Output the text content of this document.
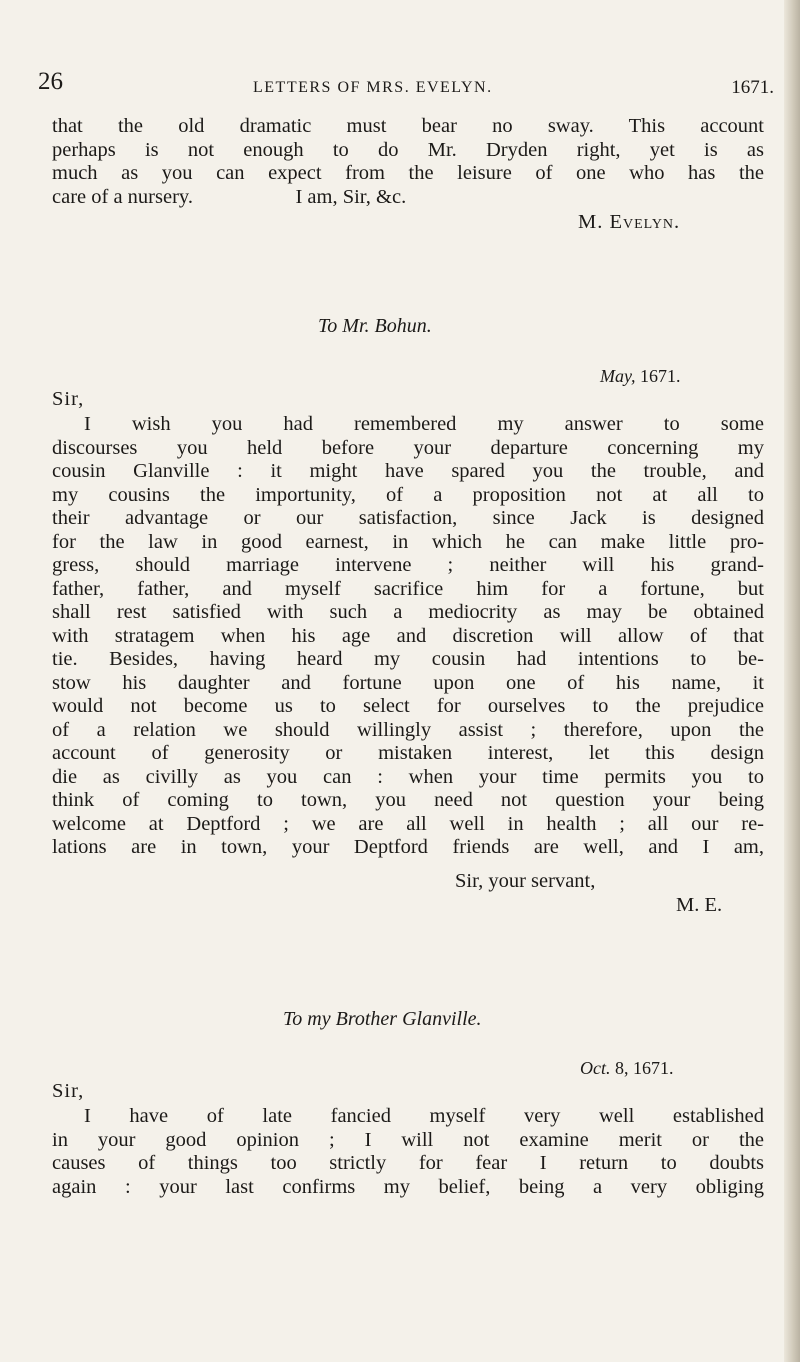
26	LETTERS OF MRS. EVELYN.	1671.
that the old dramatic must bear no sway. This account
perhaps is not enough to do Mr. Dryden right, yet is as
much as you can expect from the leisure of one who has the
care of a nursery.                    I am, Sir, &c.
M. Evelyn.
To Mr. Bohun.
May, 1671.
Sir,
I wish you had remembered my answer to some
discourses you held before your departure concerning my
cousin Glanville : it might have spared you the trouble, and
my cousins the importunity, of a proposition not at all to
their advantage or our satisfaction, since Jack is designed
for the law in good earnest, in which he can make little pro-
gress, should marriage intervene ; neither will his grand-
father, father, and myself sacrifice him for a fortune, but
shall rest satisfied with such a mediocrity as may be obtained
with stratagem when his age and discretion will allow of that
tie. Besides, having heard my cousin had intentions to be-
stow his daughter and fortune upon one of his name, it
would not become us to select for ourselves to the prejudice
of a relation we should willingly assist ; therefore, upon the
account of generosity or mistaken interest, let this design
die as civilly as you can : when your time permits you to
think of coming to town, you need not question your being
welcome at Deptford ; we are all well in health ; all our re-
lations are in town, your Deptford friends are well, and I am,
Sir, your servant,
M. E.
To my Brother Glanville.
Oct. 8, 1671.
Sir,
I have of late fancied myself very well established
in your good opinion ; I will not examine merit or the
causes of things too strictly for fear I return to doubts
again : your last confirms my belief, being a very obliging
